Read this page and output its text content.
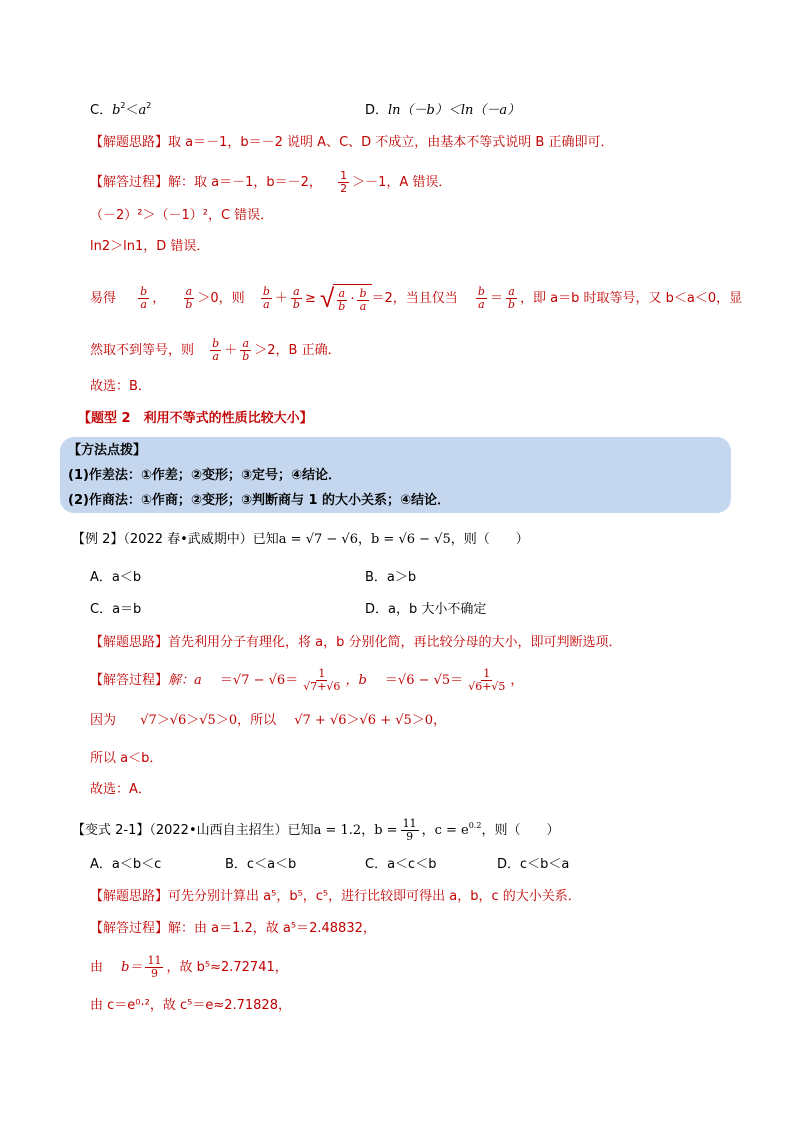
C．$b^2<a^2$	D．ln（－b）＜ln（－a）
【解题思路】取 a＝－1，b＝－2 说明 A、C、D 不成立，由基本不等式说明 B 正确即可．
【解答过程】解：取 a＝－1，b＝－2， $\frac{1}{2} >-1$，A 错误．
（－2）²＞（－1）²，C 错误．
ln2＞ln1，D 错误．
易得 $\frac{b}{a}$ ， $\frac{a}{b} >0$，则 $\frac{b}{a} + \frac{a}{b}$ ≥ √ $\frac{a}{b} \cdot \frac{b}{a} =2$，当且仅当 $\frac{b}{a} = \frac{a}{b}$ ，即 a＝b 时取等号，又 b＜a＜0，显
然取不到等号，则 $\frac{b}{a} + \frac{a}{b} >2$，B 正确．
故选：B．
【题型 2　利用不等式的性质比较大小】
【方法点拨】
(1)作差法：①作差；②变形；③定号；④结论．
(2)作商法：①作商；②变形；③判断商与 1 的大小关系；④结论．
【例 2】（2022 春•武威期中）已知a = √7 − √6，b = √6 − √5，则（　　）
A．a＜b	B．a＞b
C．a＝b	D．a，b 大小不确定
【解题思路】首先利用分子有理化，将 a，b 分别化简，再比较分母的大小，即可判断选项．
【解答过程】解：$a =√7 - √6= \frac{1}{√7+√6}$ ，$b =√6 - √5= \frac{1}{√6+√5}$ ，
因为 √7＞√6＞√5＞0，所以 √7 + √6＞√6 + √5＞0，
所以 a＜b．
故选：A．
【变式 2-1】（2022•山西自主招生）已知a = 1.2，$b = \frac{11}{9}$ ，$c = e^{0.2}$，则（　　）
A．a＜b＜c	B．c＜a＜b	C．a＜c＜b	D．c＜b＜a
【解题思路】可先分别计算出 a⁵，b⁵，c⁵，进行比较即可得出 a，b，c 的大小关系．
【解答过程】解：由 a＝1.2，故 a⁵＝2.48832，
由 $b= \frac{11}{9}$ ，故 b⁵≈2.72741，
由 c＝e⁰·²，故 c⁵＝e≈2.71828，
